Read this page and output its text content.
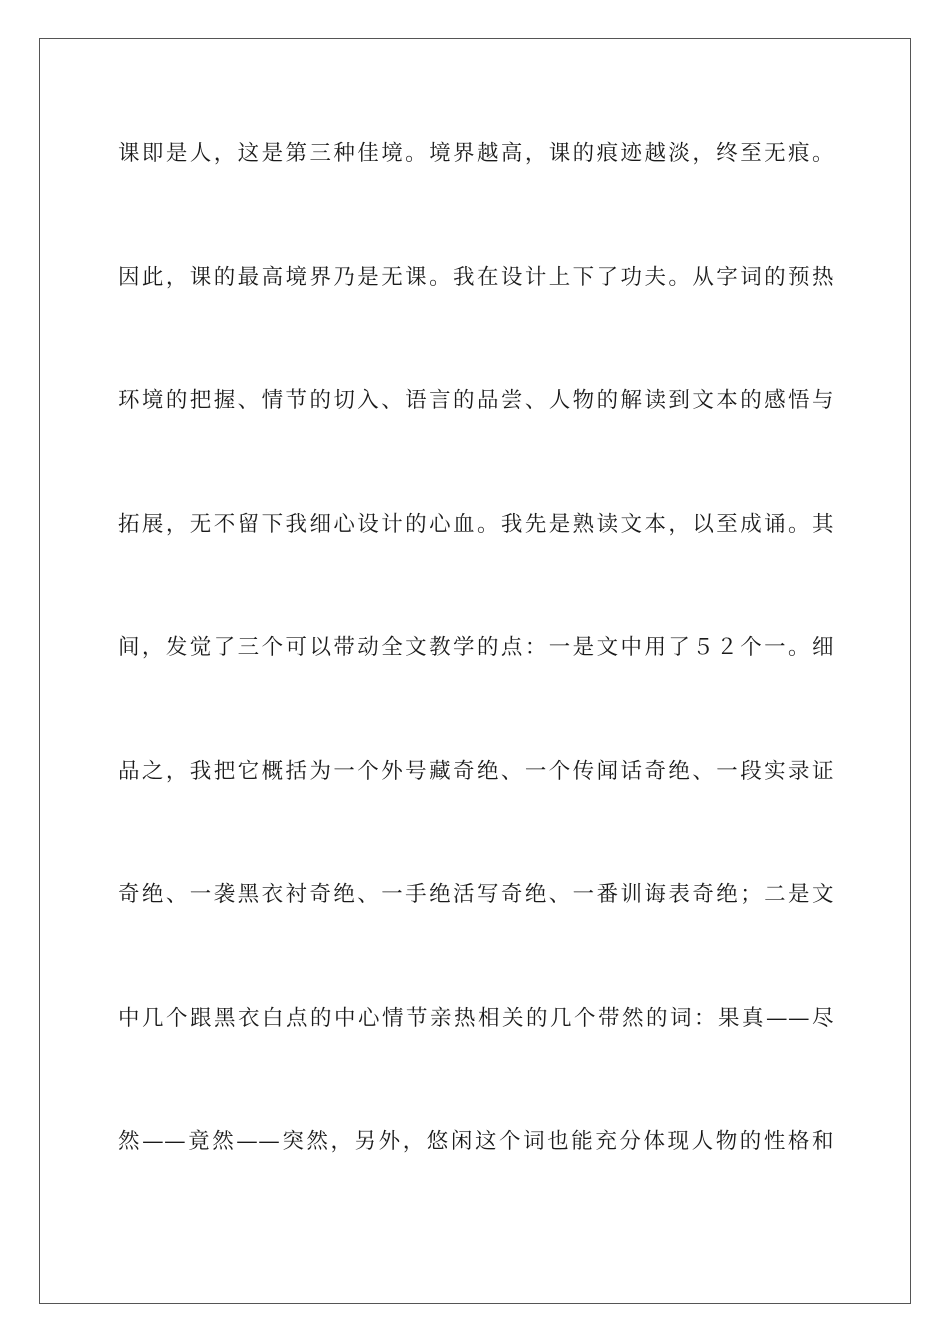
课即是人，这是第三种佳境。境界越高，课的痕迹越淡，终至无痕。
因此，课的最高境界乃是无课。我在设计上下了功夫。从字词的预热
环境的把握、情节的切入、语言的品尝、人物的解读到文本的感悟与
拓展，无不留下我细心设计的心血。我先是熟读文本，以至成诵。其
间，发觉了三个可以带动全文教学的点：一是文中用了５２个一。细
品之，我把它概括为一个外号藏奇绝、一个传闻话奇绝、一段实录证
奇绝、一袭黑衣衬奇绝、一手绝活写奇绝、一番训诲表奇绝；二是文
中几个跟黑衣白点的中心情节亲热相关的几个带然的词：果真——尽
然——竟然——突然，另外，悠闲这个词也能充分体现人物的性格和
